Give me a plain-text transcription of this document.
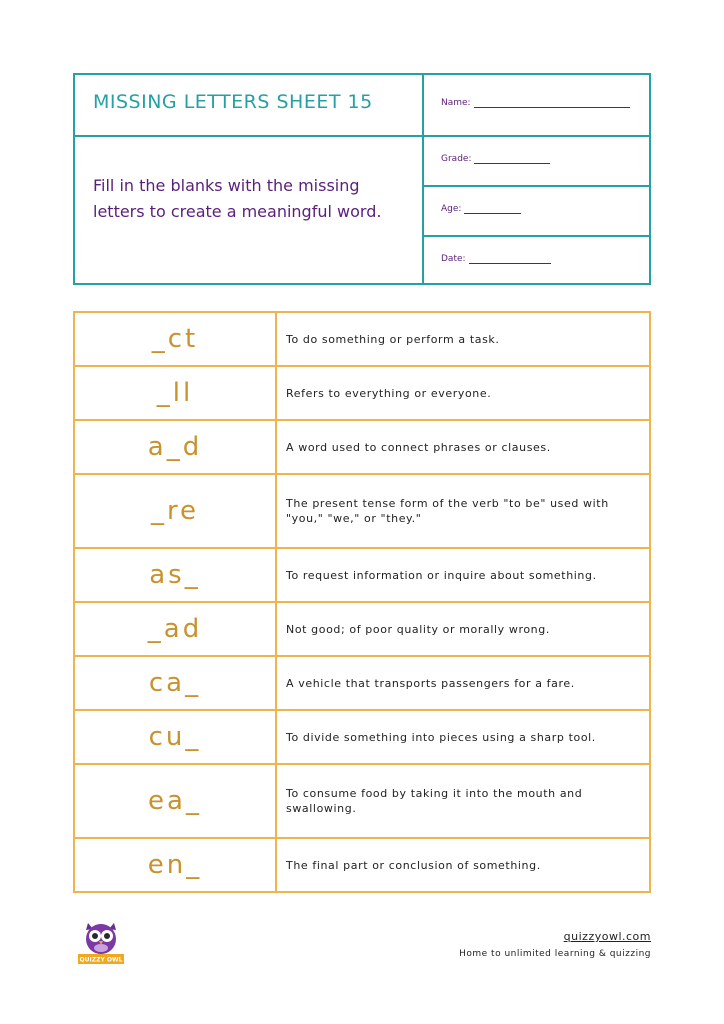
MISSING LETTERS SHEET 15
Fill in the blanks with the missing letters to create a meaningful word.
Name:
Grade:
Age:
Date:
_ct	To do something or perform a task.
_ll	Refers to everything or everyone.
a_d	A word used to connect phrases or clauses.
_re	The present tense form of the verb "to be" used with "you," "we," or "they."
as_	To request information or inquire about something.
_ad	Not good; of poor quality or morally wrong.
ca_	A vehicle that transports passengers for a fare.
cu_	To divide something into pieces using a sharp tool.
ea_	To consume food by taking it into the mouth and swallowing.
en_	The final part or conclusion of something.
QUIZZY OWL
quizzyowl.com
Home to unlimited learning & quizzing
